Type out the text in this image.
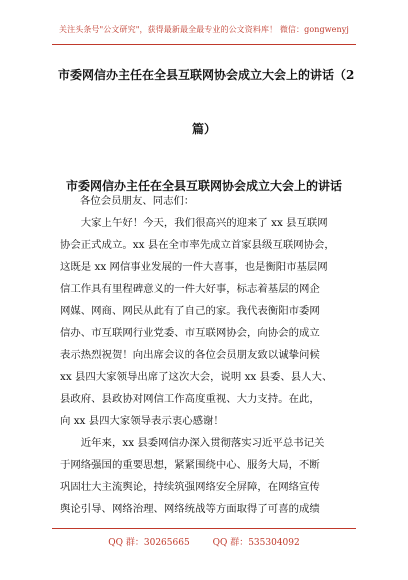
关注头条号"公文研究"，获得最新最全最专业的公文资料库！ 微信：gongwenyj
市委网信办主任在全县互联网协会成立大会上的讲话（2
篇）
市委网信办主任在全县互联网协会成立大会上的讲话
各位会员朋友、同志们：
　　大家上午好！今天，我们很高兴的迎来了 xx 县互联网
协会正式成立。xx 县在全市率先成立首家县级互联网协会，
这既是 xx 网信事业发展的一件大喜事，也是衡阳市基层网
信工作具有里程碑意义的一件大好事，标志着基层的网企
网媒、网商、网民从此有了自己的家。我代表衡阳市委网
信办、市互联网行业党委、市互联网协会，向协会的成立
表示热烈祝贺！向出席会议的各位会员朋友致以诚挚问候
xx 县四大家领导出席了这次大会，说明 xx 县委、县人大、
县政府、县政协对网信工作高度重视、大力支持。在此，
向 xx 县四大家领导表示衷心感谢！
　　近年来，xx 县委网信办深入贯彻落实习近平总书记关
于网络强国的重要思想，紧紧围绕中心、服务大局，不断
巩固壮大主流舆论，持续筑强网络安全屏障，在网络宣传
舆论引导、网络治理、网络统战等方面取得了可喜的成绩
QQ 群：30265665	QQ 群：535304092
